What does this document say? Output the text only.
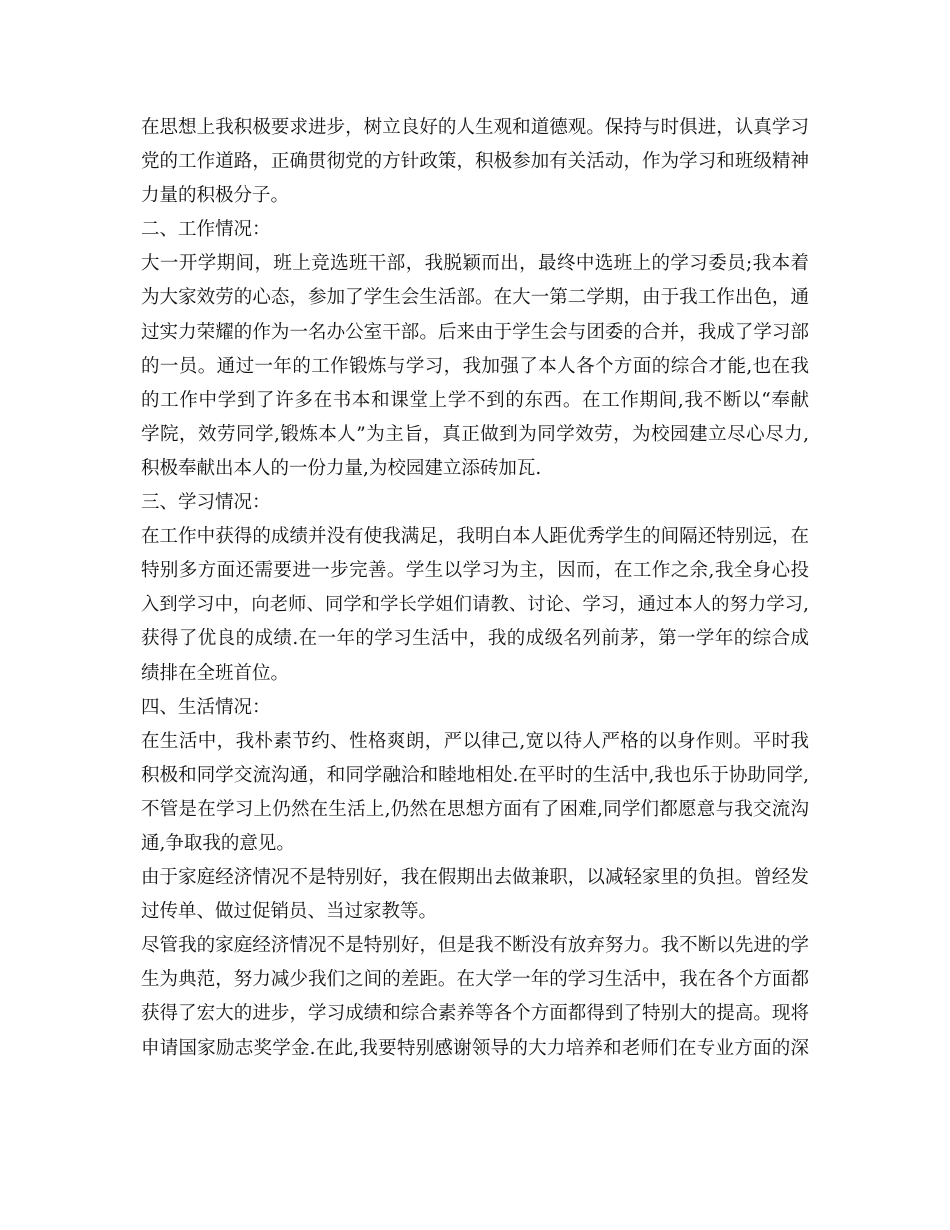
在思想上我积极要求进步，树立良好的人生观和道德观。保持与时俱进，认真学习
党的工作道路，正确贯彻党的方针政策，积极参加有关活动，作为学习和班级精神
力量的积极分子。
二、工作情况：
大一开学期间，班上竞选班干部，我脱颖而出，最终中选班上的学习委员;我本着
为大家效劳的心态，参加了学生会生活部。在大一第二学期，由于我工作出色，通
过实力荣耀的作为一名办公室干部。后来由于学生会与团委的合并，我成了学习部
的一员。通过一年的工作锻炼与学习，我加强了本人各个方面的综合才能,也在我
的工作中学到了许多在书本和课堂上学不到的东西。在工作期间,我不断以“奉献
学院，效劳同学,锻炼本人”为主旨，真正做到为同学效劳，为校园建立尽心尽力,
积极奉献出本人的一份力量,为校园建立添砖加瓦.
三、学习情况：
在工作中获得的成绩并没有使我满足，我明白本人距优秀学生的间隔还特别远，在
特别多方面还需要进一步完善。学生以学习为主，因而，在工作之余,我全身心投
入到学习中，向老师、同学和学长学姐们请教、讨论、学习，通过本人的努力学习,
获得了优良的成绩.在一年的学习生活中，我的成级名列前茅，第一学年的综合成
绩排在全班首位。
四、生活情况：
在生活中，我朴素节约、性格爽朗，严以律己,宽以待人严格的以身作则。平时我
积极和同学交流沟通，和同学融洽和睦地相处.在平时的生活中,我也乐于协助同学,
不管是在学习上仍然在生活上,仍然在思想方面有了困难,同学们都愿意与我交流沟
通,争取我的意见。
由于家庭经济情况不是特别好，我在假期出去做兼职，以减轻家里的负担。曾经发
过传单、做过促销员、当过家教等。
尽管我的家庭经济情况不是特别好，但是我不断没有放弃努力。我不断以先进的学
生为典范，努力减少我们之间的差距。在大学一年的学习生活中，我在各个方面都
获得了宏大的进步，学习成绩和综合素养等各个方面都得到了特别大的提高。现将
申请国家励志奖学金.在此,我要特别感谢领导的大力培养和老师们在专业方面的深
